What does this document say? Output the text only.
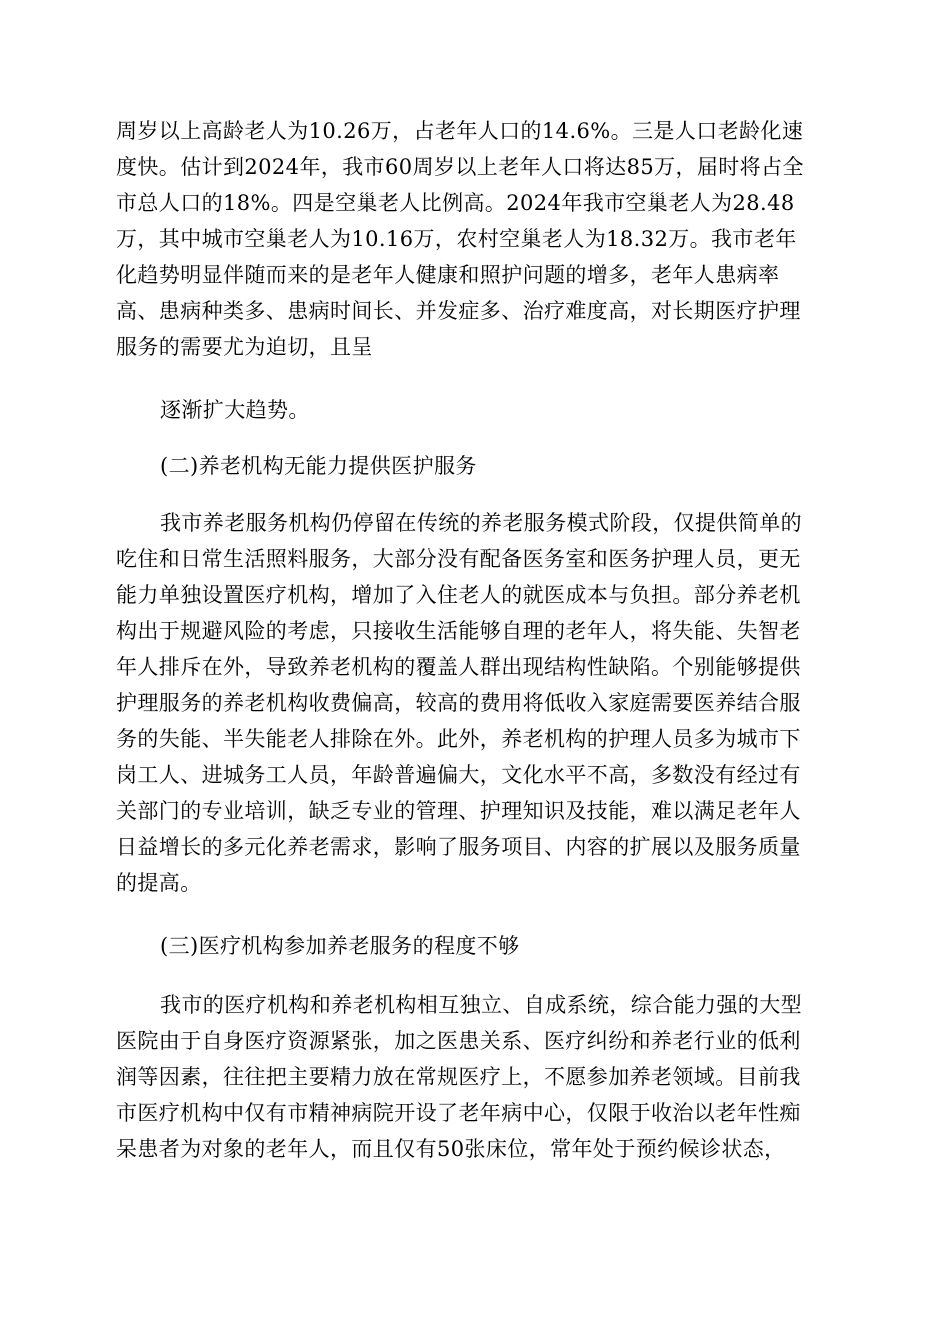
周岁以上高龄老人为10.26万，占老年人口的14.6%。三是人口老龄化速
度快。估计到2024年，我市60周岁以上老年人口将达85万，届时将占全
市总人口的18%。四是空巢老人比例高。2024年我市空巢老人为28.48
万，其中城市空巢老人为10.16万，农村空巢老人为18.32万。我市老年
化趋势明显伴随而来的是老年人健康和照护问题的增多，老年人患病率
高、患病种类多、患病时间长、并发症多、治疗难度高，对长期医疗护理
服务的需要尤为迫切，且呈
逐渐扩大趋势。
(二)养老机构无能力提供医护服务
我市养老服务机构仍停留在传统的养老服务模式阶段，仅提供简单的
吃住和日常生活照料服务，大部分没有配备医务室和医务护理人员，更无
能力单独设置医疗机构，增加了入住老人的就医成本与负担。部分养老机
构出于规避风险的考虑，只接收生活能够自理的老年人，将失能、失智老
年人排斥在外，导致养老机构的覆盖人群出现结构性缺陷。个别能够提供
护理服务的养老机构收费偏高，较高的费用将低收入家庭需要医养结合服
务的失能、半失能老人排除在外。此外，养老机构的护理人员多为城市下
岗工人、进城务工人员，年龄普遍偏大，文化水平不高，多数没有经过有
关部门的专业培训，缺乏专业的管理、护理知识及技能，难以满足老年人
日益增长的多元化养老需求，影响了服务项目、内容的扩展以及服务质量
的提高。
(三)医疗机构参加养老服务的程度不够
我市的医疗机构和养老机构相互独立、自成系统，综合能力强的大型
医院由于自身医疗资源紧张，加之医患关系、医疗纠纷和养老行业的低利
润等因素，往往把主要精力放在常规医疗上，不愿参加养老领域。目前我
市医疗机构中仅有市精神病院开设了老年病中心，仅限于收治以老年性痴
呆患者为对象的老年人，而且仅有50张床位，常年处于预约候诊状态，
